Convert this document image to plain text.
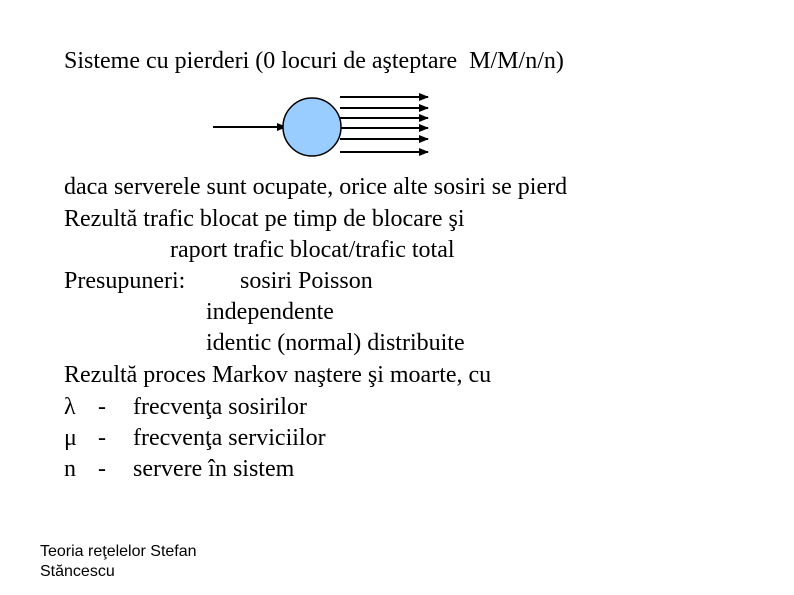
Sisteme cu pierderi (0 locuri de aşteptare  M/M/n/n)
daca serverele sunt ocupate, orice alte sosiri se pierd
Rezultă trafic blocat pe timp de blocare şi
raport trafic blocat/trafic total
Presupuneri: sosiri Poisson
independente
identic (normal) distribuite
Rezultă proces Markov naştere şi moarte, cu
λ - frecvenţa sosirilor
μ - frecvenţa serviciilor
n - servere în sistem
Teoria reţelelor Stefan
Stăncescu
